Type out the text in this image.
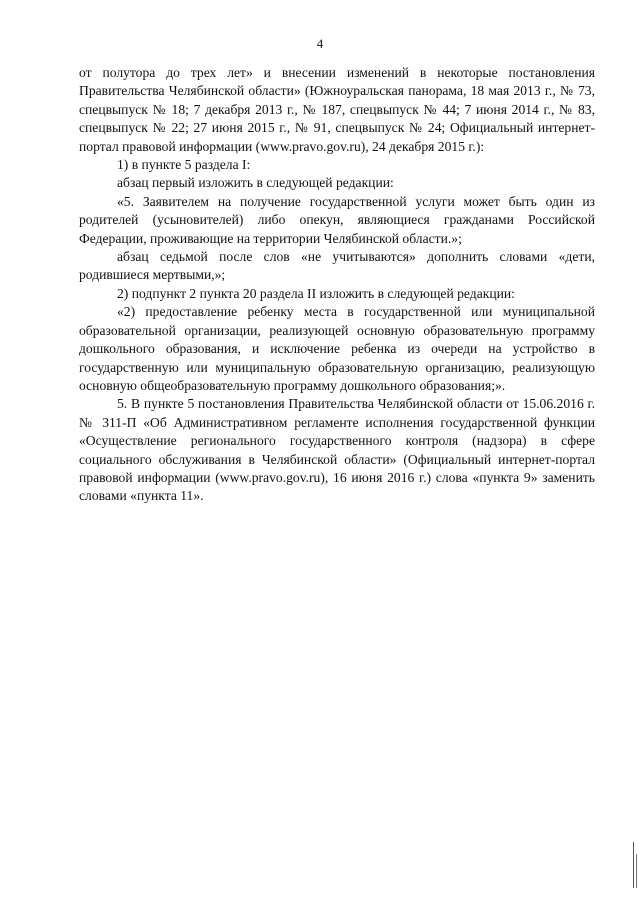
4

от полутора до трех лет» и внесении изменений в некоторые постановления Правительства Челябинской области» (Южноуральская панорама, 18 мая 2013 г., № 73, спецвыпуск № 18; 7 декабря 2013 г., № 187, спецвыпуск № 44; 7 июня 2014 г., № 83, спецвыпуск № 22; 27 июня 2015 г., № 91, спецвыпуск № 24; Официальный интернет-портал правовой информации (www.pravo.gov.ru), 24 декабря 2015 г.):

1) в пункте 5 раздела I:

абзац первый изложить в следующей редакции:

«5. Заявителем на получение государственной услуги может быть один из родителей (усыновителей) либо опекун, являющиеся гражданами Российской Федерации, проживающие на территории Челябинской области.»;

абзац седьмой после слов «не учитываются» дополнить словами «дети, родившиеся мертвыми,»;

2) подпункт 2 пункта 20 раздела II изложить в следующей редакции:

«2) предоставление ребенку места в государственной или муниципальной образовательной организации, реализующей основную образовательную программу дошкольного образования, и исключение ребенка из очереди на устройство в государственную или муниципальную образовательную организацию, реализующую основную общеобразовательную программу дошкольного образования;».

5. В пункте 5 постановления Правительства Челябинской области от 15.06.2016 г. № 311-П «Об Административном регламенте исполнения государственной функции «Осуществление регионального государственного контроля (надзора) в сфере социального обслуживания в Челябинской области» (Официальный интернет-портал правовой информации (www.pravo.gov.ru), 16 июня 2016 г.) слова «пункта 9» заменить словами «пункта 11».
